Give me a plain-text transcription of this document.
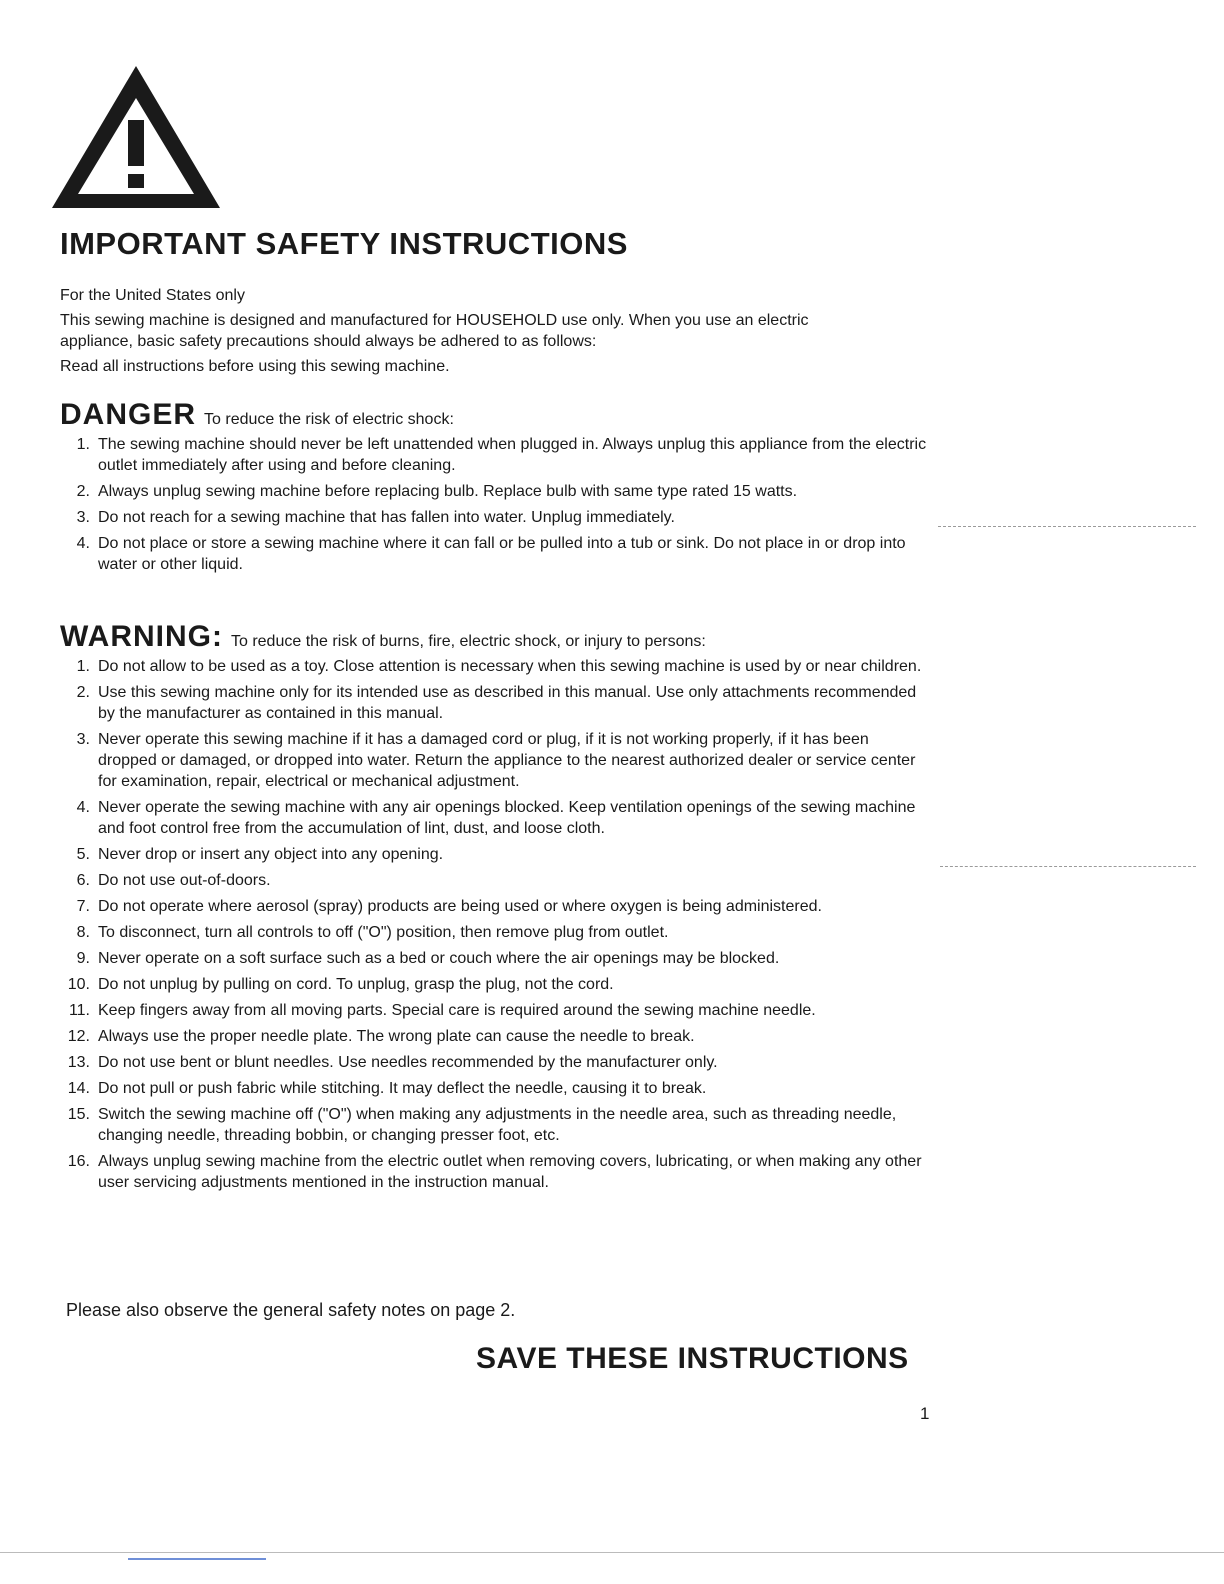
IMPORTANT SAFETY INSTRUCTIONS

For the United States only

This sewing machine is designed and manufactured for HOUSEHOLD use only. When you use an electric appliance, basic safety precautions should always be adhered to as follows:

Read all instructions before using this sewing machine.

DANGER To reduce the risk of electric shock:
1. The sewing machine should never be left unattended when plugged in. Always unplug this appliance from the electric outlet immediately after using and before cleaning.
2. Always unplug sewing machine before replacing bulb. Replace bulb with same type rated 15 watts.
3. Do not reach for a sewing machine that has fallen into water. Unplug immediately.
4. Do not place or store a sewing machine where it can fall or be pulled into a tub or sink. Do not place in or drop into water or other liquid.
WARNING: To reduce the risk of burns, fire, electric shock, or injury to persons:
1. Do not allow to be used as a toy. Close attention is necessary when this sewing machine is used by or near children.
2. Use this sewing machine only for its intended use as described in this manual. Use only attachments recommended by the manufacturer as contained in this manual.
3. Never operate this sewing machine if it has a damaged cord or plug, if it is not working properly, if it has been dropped or damaged, or dropped into water. Return the appliance to the nearest authorized dealer or service center for examination, repair, electrical or mechanical adjustment.
4. Never operate the sewing machine with any air openings blocked. Keep ventilation openings of the sewing machine and foot control free from the accumulation of lint, dust, and loose cloth.
5. Never drop or insert any object into any opening.
6. Do not use out-of-doors.
7. Do not operate where aerosol (spray) products are being used or where oxygen is being administered.
8. To disconnect, turn all controls to off ("O") position, then remove plug from outlet.
9. Never operate on a soft surface such as a bed or couch where the air openings may be blocked.
10. Do not unplug by pulling on cord. To unplug, grasp the plug, not the cord.
11. Keep fingers away from all moving parts. Special care is required around the sewing machine needle.
12. Always use the proper needle plate. The wrong plate can cause the needle to break.
13. Do not use bent or blunt needles. Use needles recommended by the manufacturer only.
14. Do not pull or push fabric while stitching. It may deflect the needle, causing it to break.
15. Switch the sewing machine off ("O") when making any adjustments in the needle area, such as threading needle, changing needle, threading bobbin, or changing presser foot, etc.
16. Always unplug sewing machine from the electric outlet when removing covers, lubricating, or when making any other user servicing adjustments mentioned in the instruction manual.

Please also observe the general safety notes on page 2.

SAVE THESE INSTRUCTIONS
1
